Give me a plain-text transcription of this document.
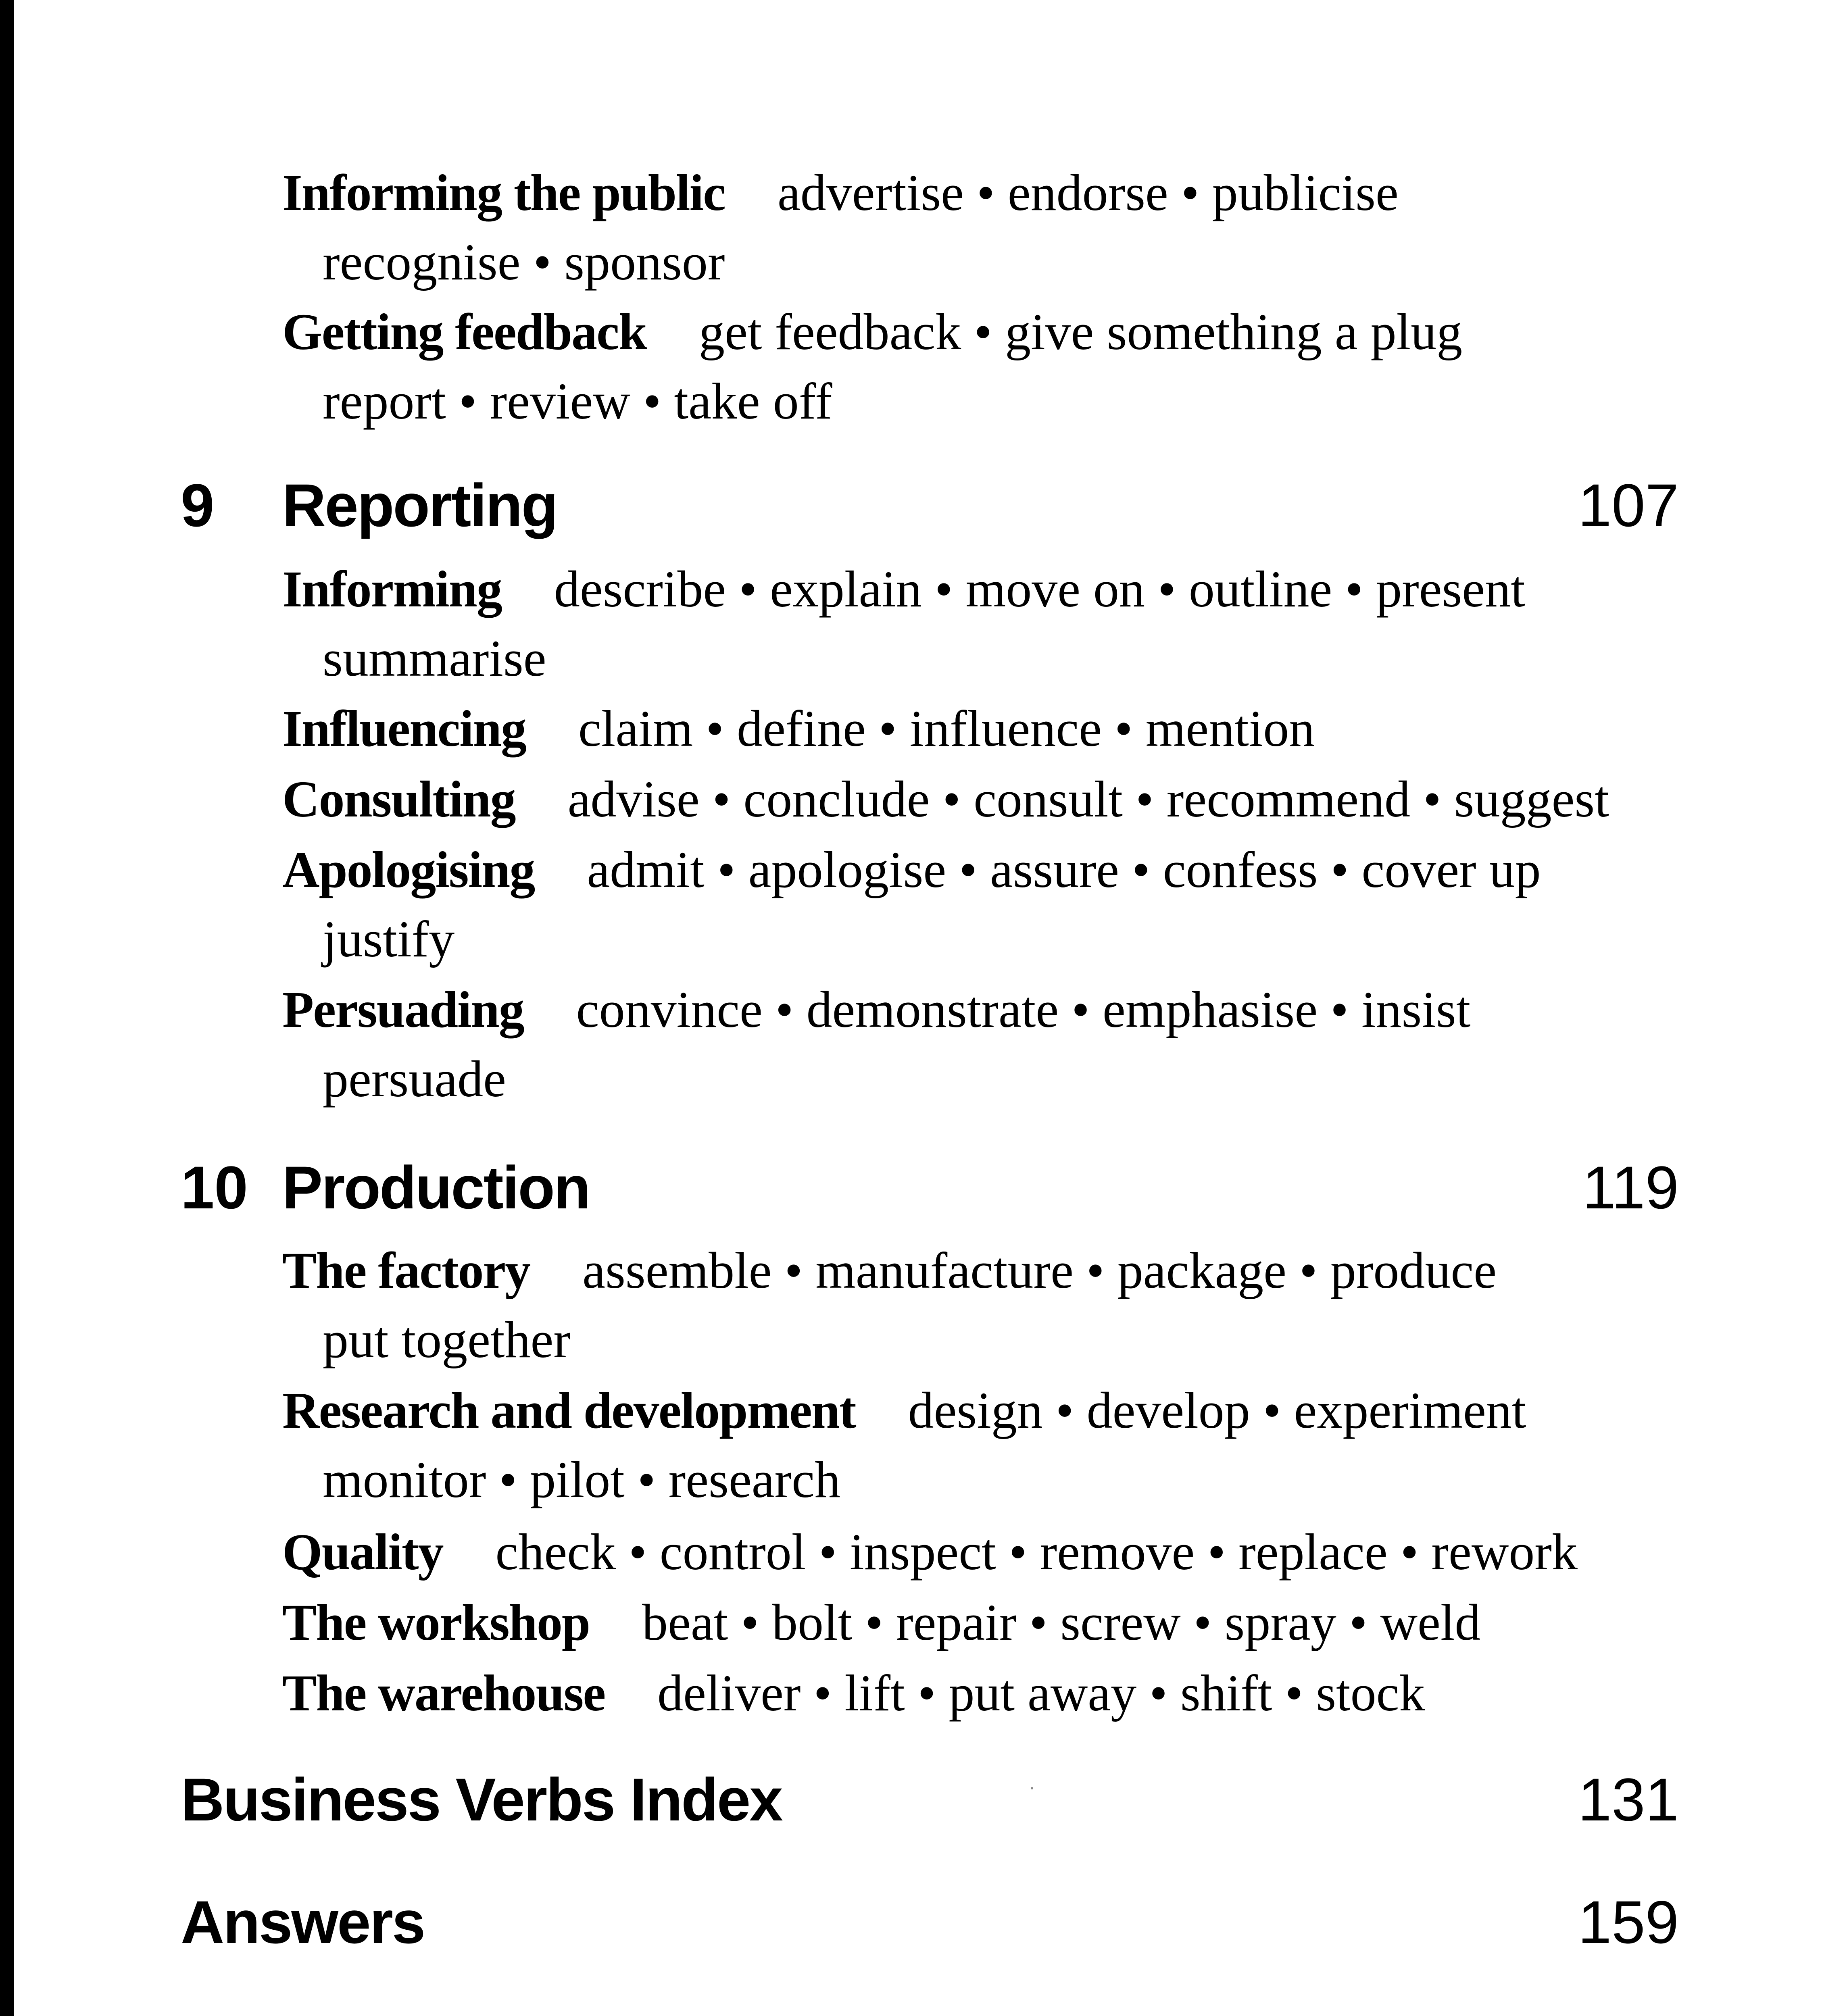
Informing the public advertise • endorse • publicise
recognise • sponsor
Getting feedback get feedback • give something a plug
report • review • take off
9 Reporting	107
Informing describe • explain • move on • outline • present
summarise
Influencing claim • define • influence • mention
Consulting advise • conclude • consult • recommend • suggest
Apologising admit • apologise • assure • confess • cover up
justify
Persuading convince • demonstrate • emphasise • insist
persuade
10 Production	119
The factory assemble • manufacture • package • produce
put together
Research and development design • develop • experiment
monitor • pilot • research
Quality check • control • inspect • remove • replace • rework
The workshop beat • bolt • repair • screw • spray • weld
The warehouse deliver • lift • put away • shift • stock
Business Verbs Index	131
Answers	159
